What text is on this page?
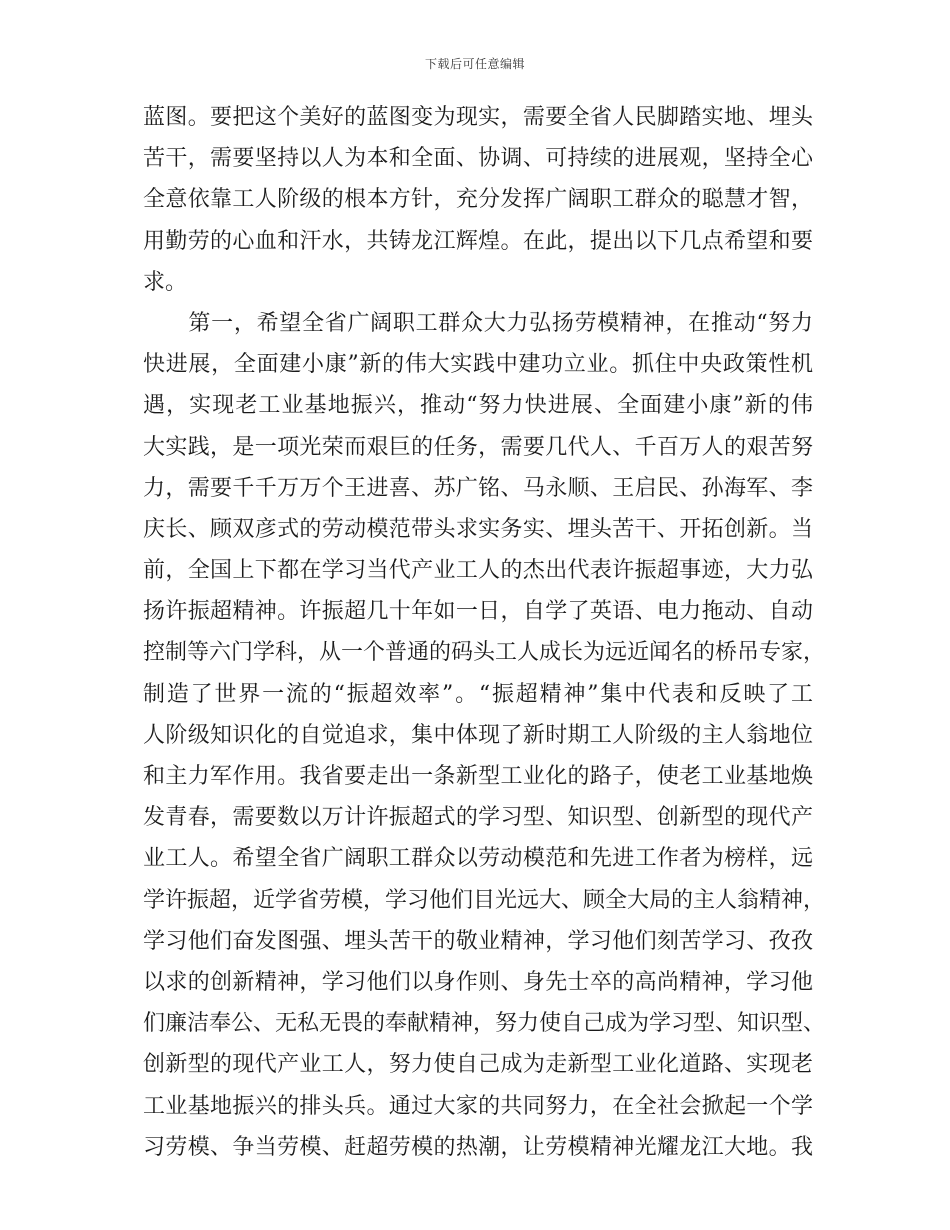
下载后可任意编辑
蓝图。要把这个美好的蓝图变为现实，需要全省人民脚踏实地、埋头
苦干，需要坚持以人为本和全面、协调、可持续的进展观，坚持全心
全意依靠工人阶级的根本方针，充分发挥广阔职工群众的聪慧才智，
用勤劳的心血和汗水，共铸龙江辉煌。在此，提出以下几点希望和要
求。
　　第一，希望全省广阔职工群众大力弘扬劳模精神，在推动“努力
快进展，全面建小康”新的伟大实践中建功立业。抓住中央政策性机
遇，实现老工业基地振兴，推动“努力快进展、全面建小康”新的伟
大实践，是一项光荣而艰巨的任务，需要几代人、千百万人的艰苦努
力，需要千千万万个王进喜、苏广铭、马永顺、王启民、孙海军、李
庆长、顾双彦式的劳动模范带头求实务实、埋头苦干、开拓创新。当
前，全国上下都在学习当代产业工人的杰出代表许振超事迹，大力弘
扬许振超精神。许振超几十年如一日，自学了英语、电力拖动、自动
控制等六门学科，从一个普通的码头工人成长为远近闻名的桥吊专家，
制造了世界一流的“振超效率”。“振超精神”集中代表和反映了工
人阶级知识化的自觉追求，集中体现了新时期工人阶级的主人翁地位
和主力军作用。我省要走出一条新型工业化的路子，使老工业基地焕
发青春，需要数以万计许振超式的学习型、知识型、创新型的现代产
业工人。希望全省广阔职工群众以劳动模范和先进工作者为榜样，远
学许振超，近学省劳模，学习他们目光远大、顾全大局的主人翁精神，
学习他们奋发图强、埋头苦干的敬业精神，学习他们刻苦学习、孜孜
以求的创新精神，学习他们以身作则、身先士卒的高尚精神，学习他
们廉洁奉公、无私无畏的奉献精神，努力使自己成为学习型、知识型、
创新型的现代产业工人，努力使自己成为走新型工业化道路、实现老
工业基地振兴的排头兵。通过大家的共同努力，在全社会掀起一个学
习劳模、争当劳模、赶超劳模的热潮，让劳模精神光耀龙江大地。我
